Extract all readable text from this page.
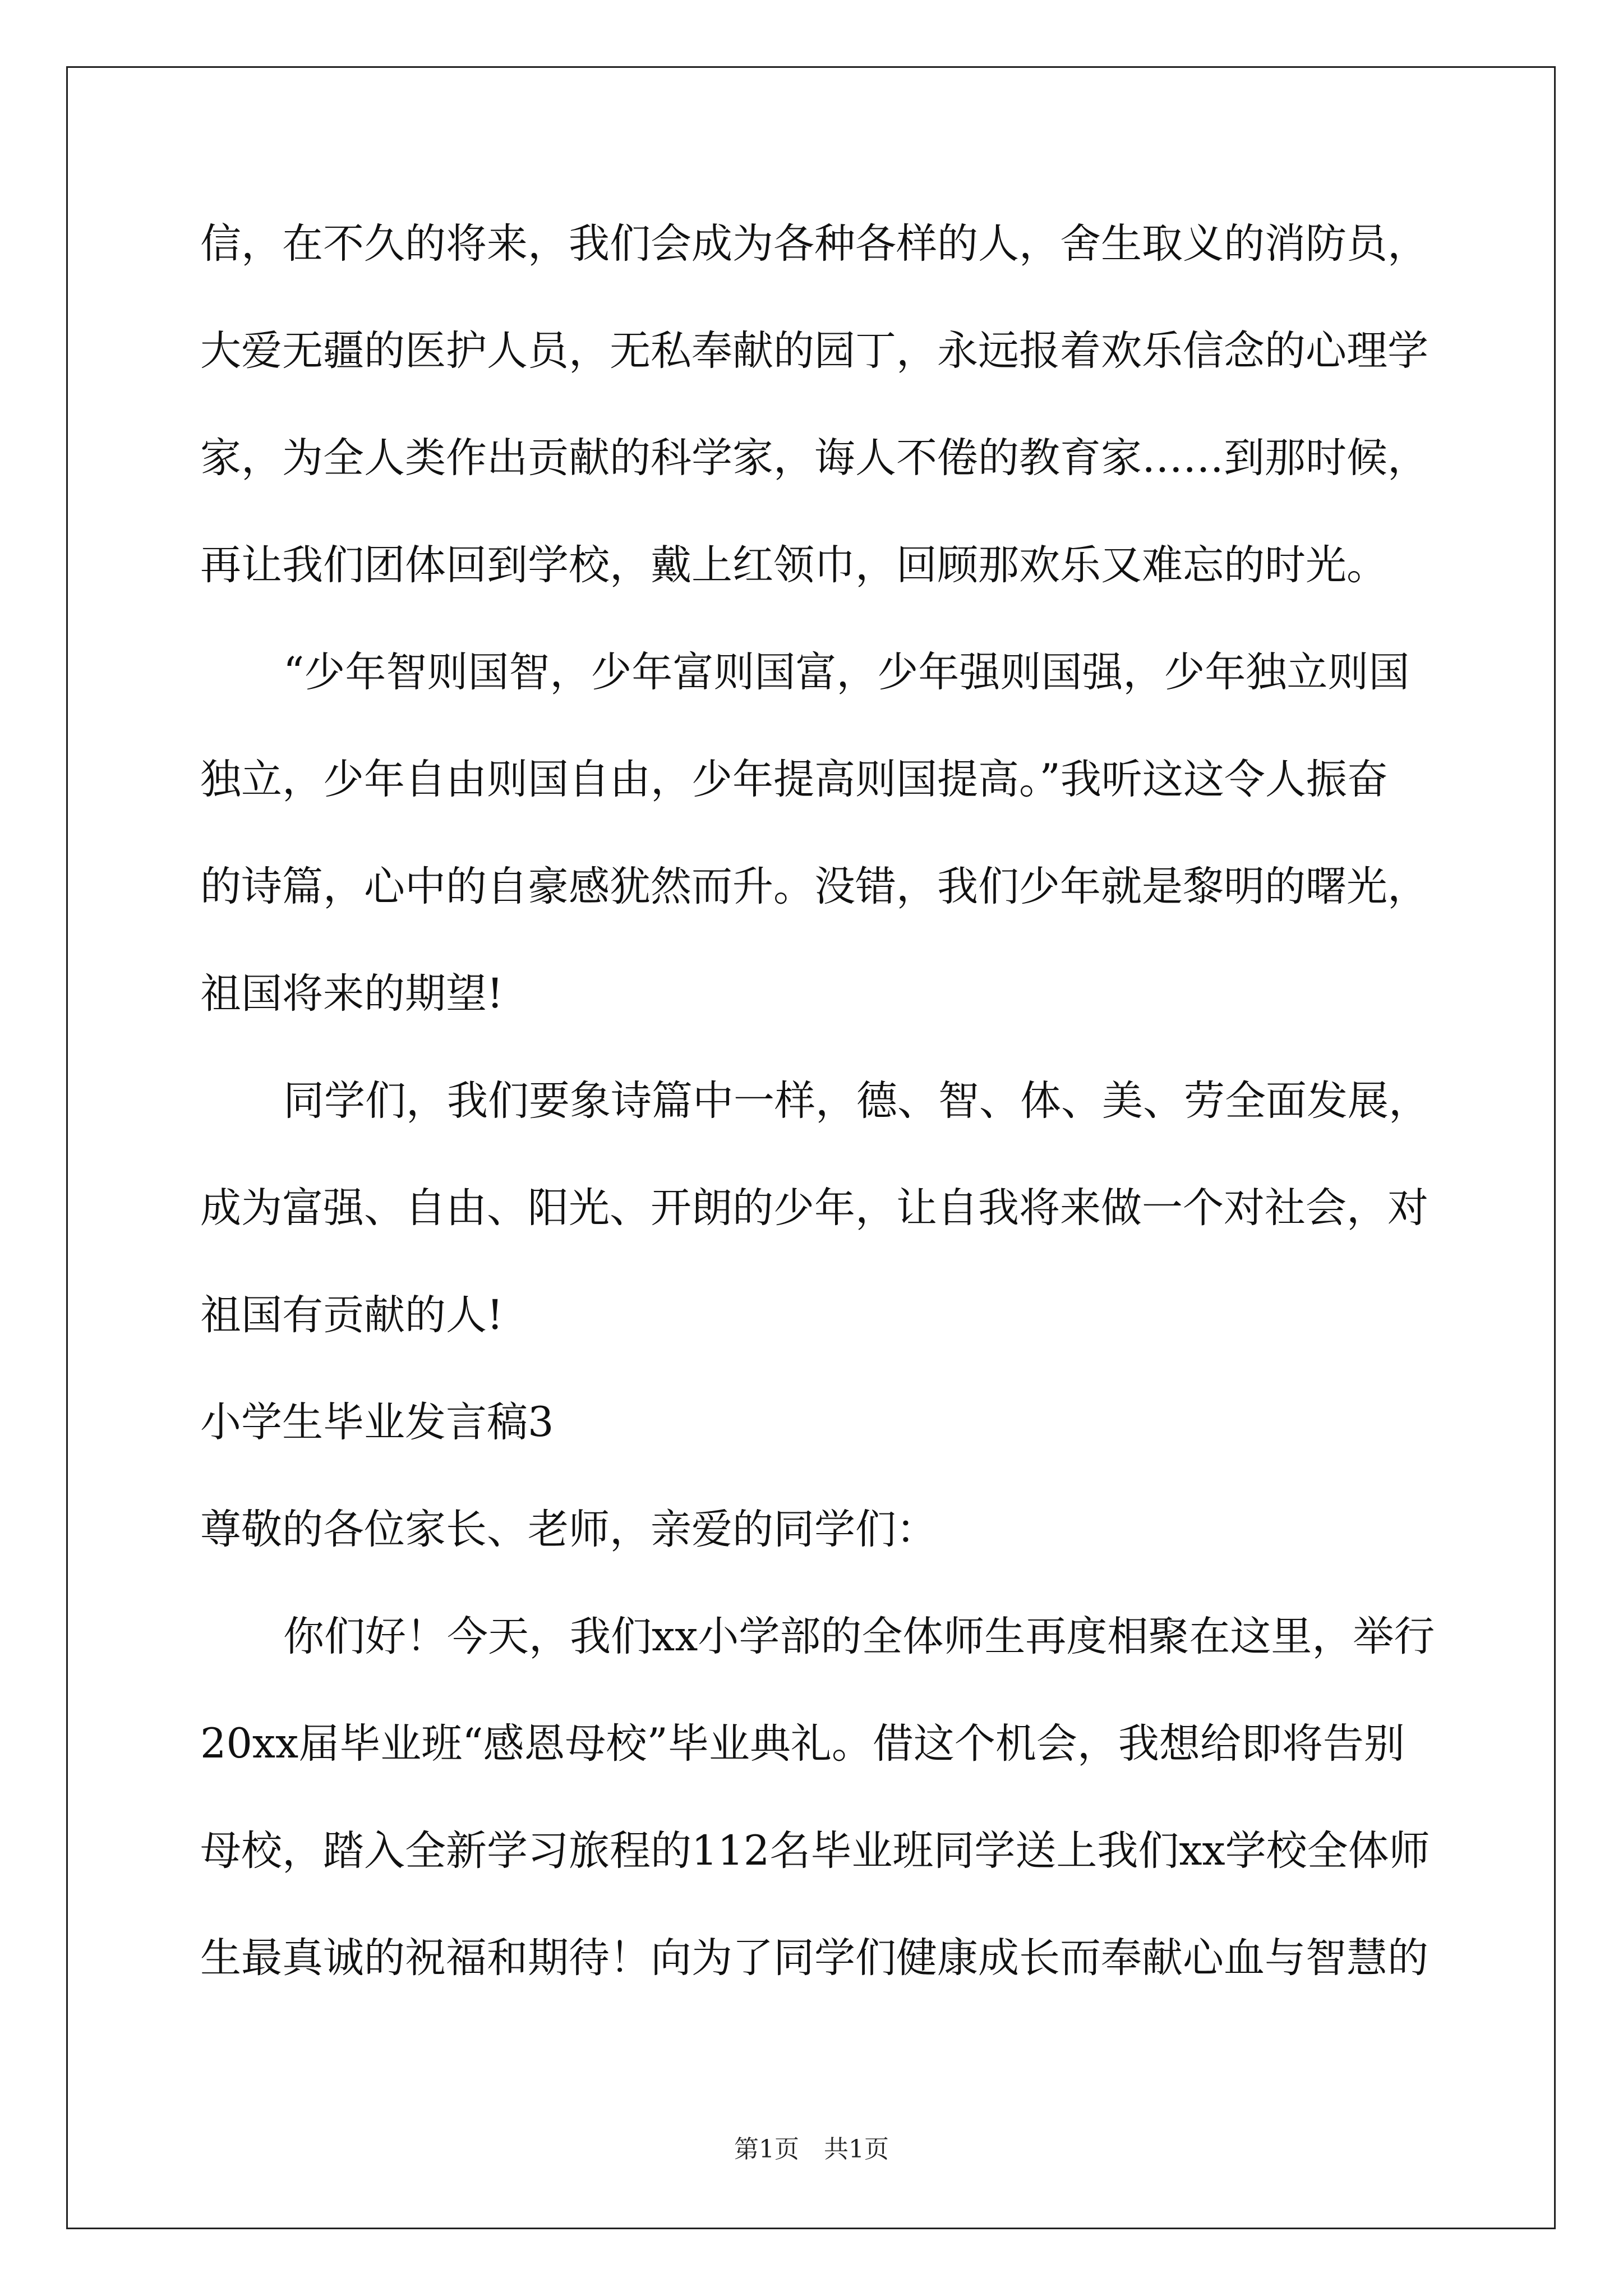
信，在不久的将来，我们会成为各种各样的人，舍生取义的消防员，
大爱无疆的医护人员，无私奉献的园丁，永远报着欢乐信念的心理学
家，为全人类作出贡献的科学家，诲人不倦的教育家……到那时候，
再让我们团体回到学校，戴上红领巾，回顾那欢乐又难忘的时光。
“少年智则国智，少年富则国富，少年强则国强，少年独立则国
独立，少年自由则国自由，少年提高则国提高。”我听这这令人振奋
的诗篇，心中的自豪感犹然而升。没错，我们少年就是黎明的曙光，
祖国将来的期望!
同学们，我们要象诗篇中一样，德、智、体、美、劳全面发展，
成为富强、自由、阳光、开朗的少年，让自我将来做一个对社会，对
祖国有贡献的人!
小学生毕业发言稿3
尊敬的各位家长、老师，亲爱的同学们：
你们好！今天，我们xx小学部的全体师生再度相聚在这里，举行
20xx届毕业班“感恩母校”毕业典礼。借这个机会，我想给即将告别
母校，踏入全新学习旅程的112名毕业班同学送上我们xx学校全体师
生最真诚的祝福和期待！向为了同学们健康成长而奉献心血与智慧的
第1页　共1页
